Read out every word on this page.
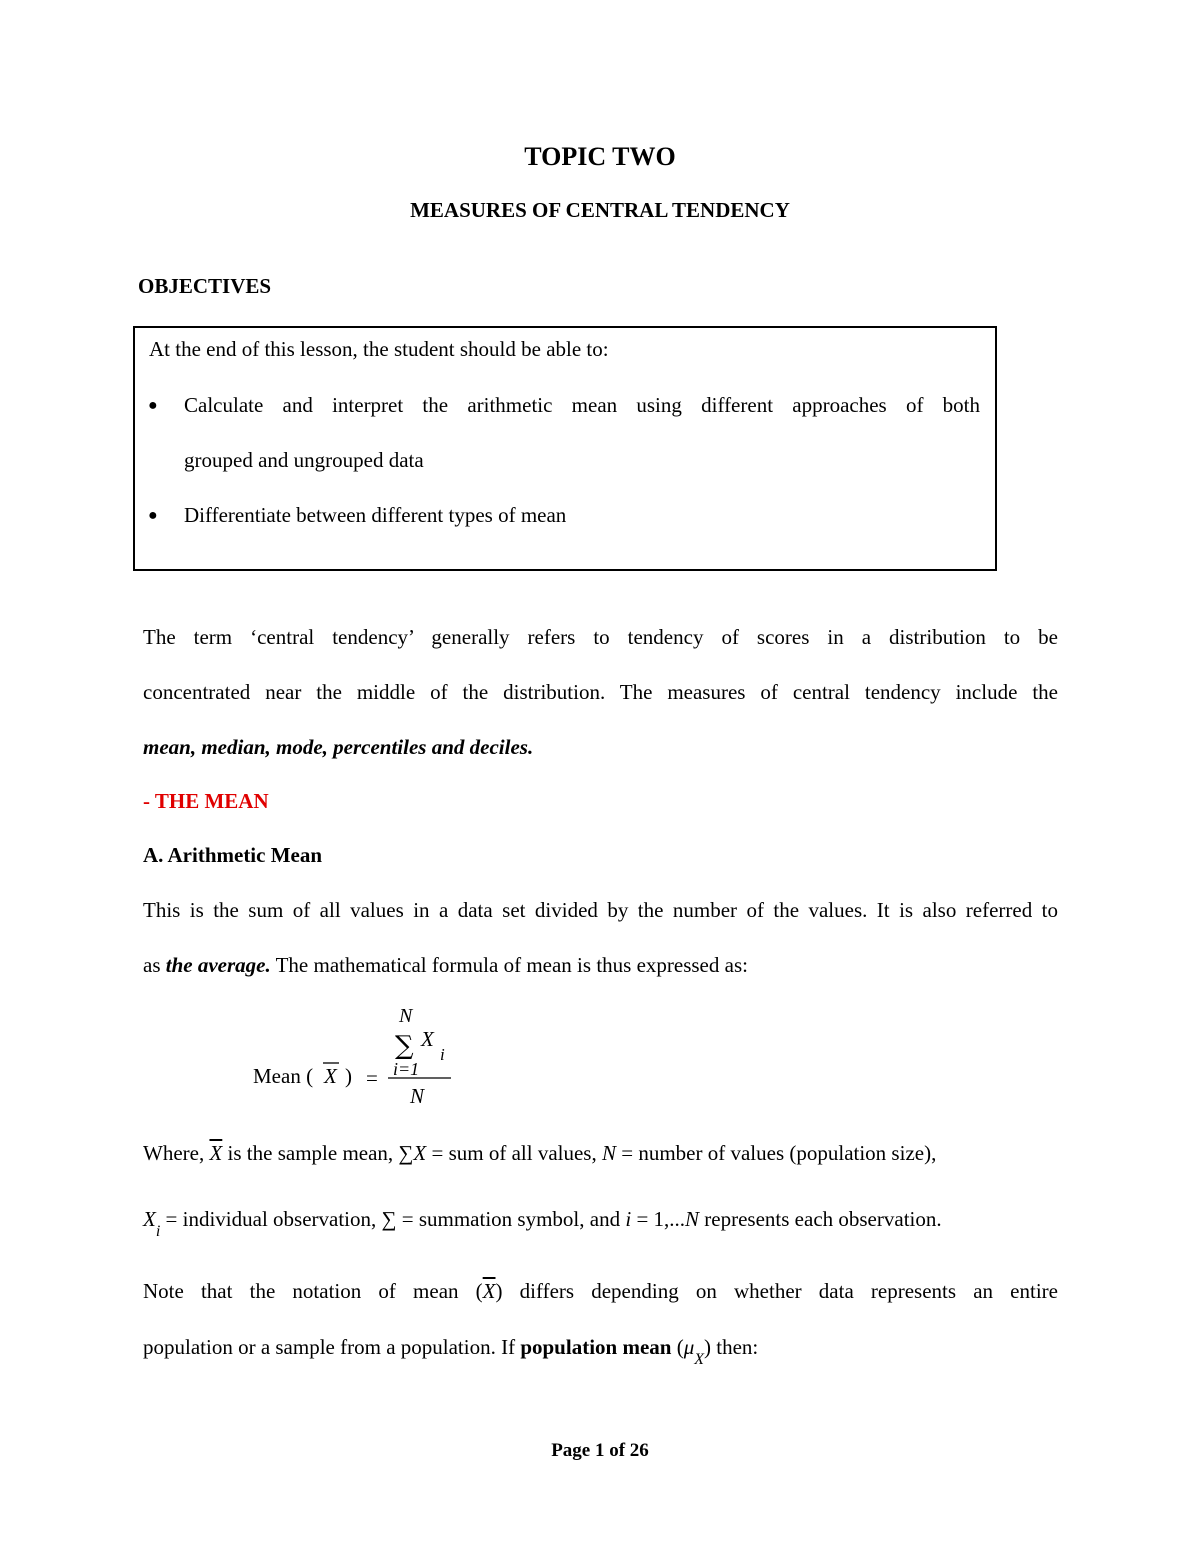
TOPIC TWO
MEASURES OF CENTRAL TENDENCY
OBJECTIVES
At the end of this lesson, the student should be able to:
● Calculate and interpret the arithmetic mean using different approaches of both
grouped and ungrouped data
● Differentiate between different types of mean
The term ‘central tendency’ generally refers to tendency of scores in a distribution to be
concentrated near the middle of the distribution. The measures of central tendency include the
mean, median, mode, percentiles and deciles.
- THE MEAN
A. Arithmetic Mean
This is the sum of all values in a data set divided by the number of the values. It is also referred to
as the average. The mathematical formula of mean is thus expressed as:
Mean ( X ) =
N
∑ X
i
i=1
N
Where, $\overline{X}$ is the sample mean, ∑X = sum of all values, N = number of values (population size),
$X_i$ = individual observation, ∑ = summation symbol, and i = 1,...N represents each observation.
Note that the notation of mean $(\overline{X})$ differs depending on whether data represents an entire
population or a sample from a population. If population mean $(\mu_X)$ then:
Page 1 of 26
